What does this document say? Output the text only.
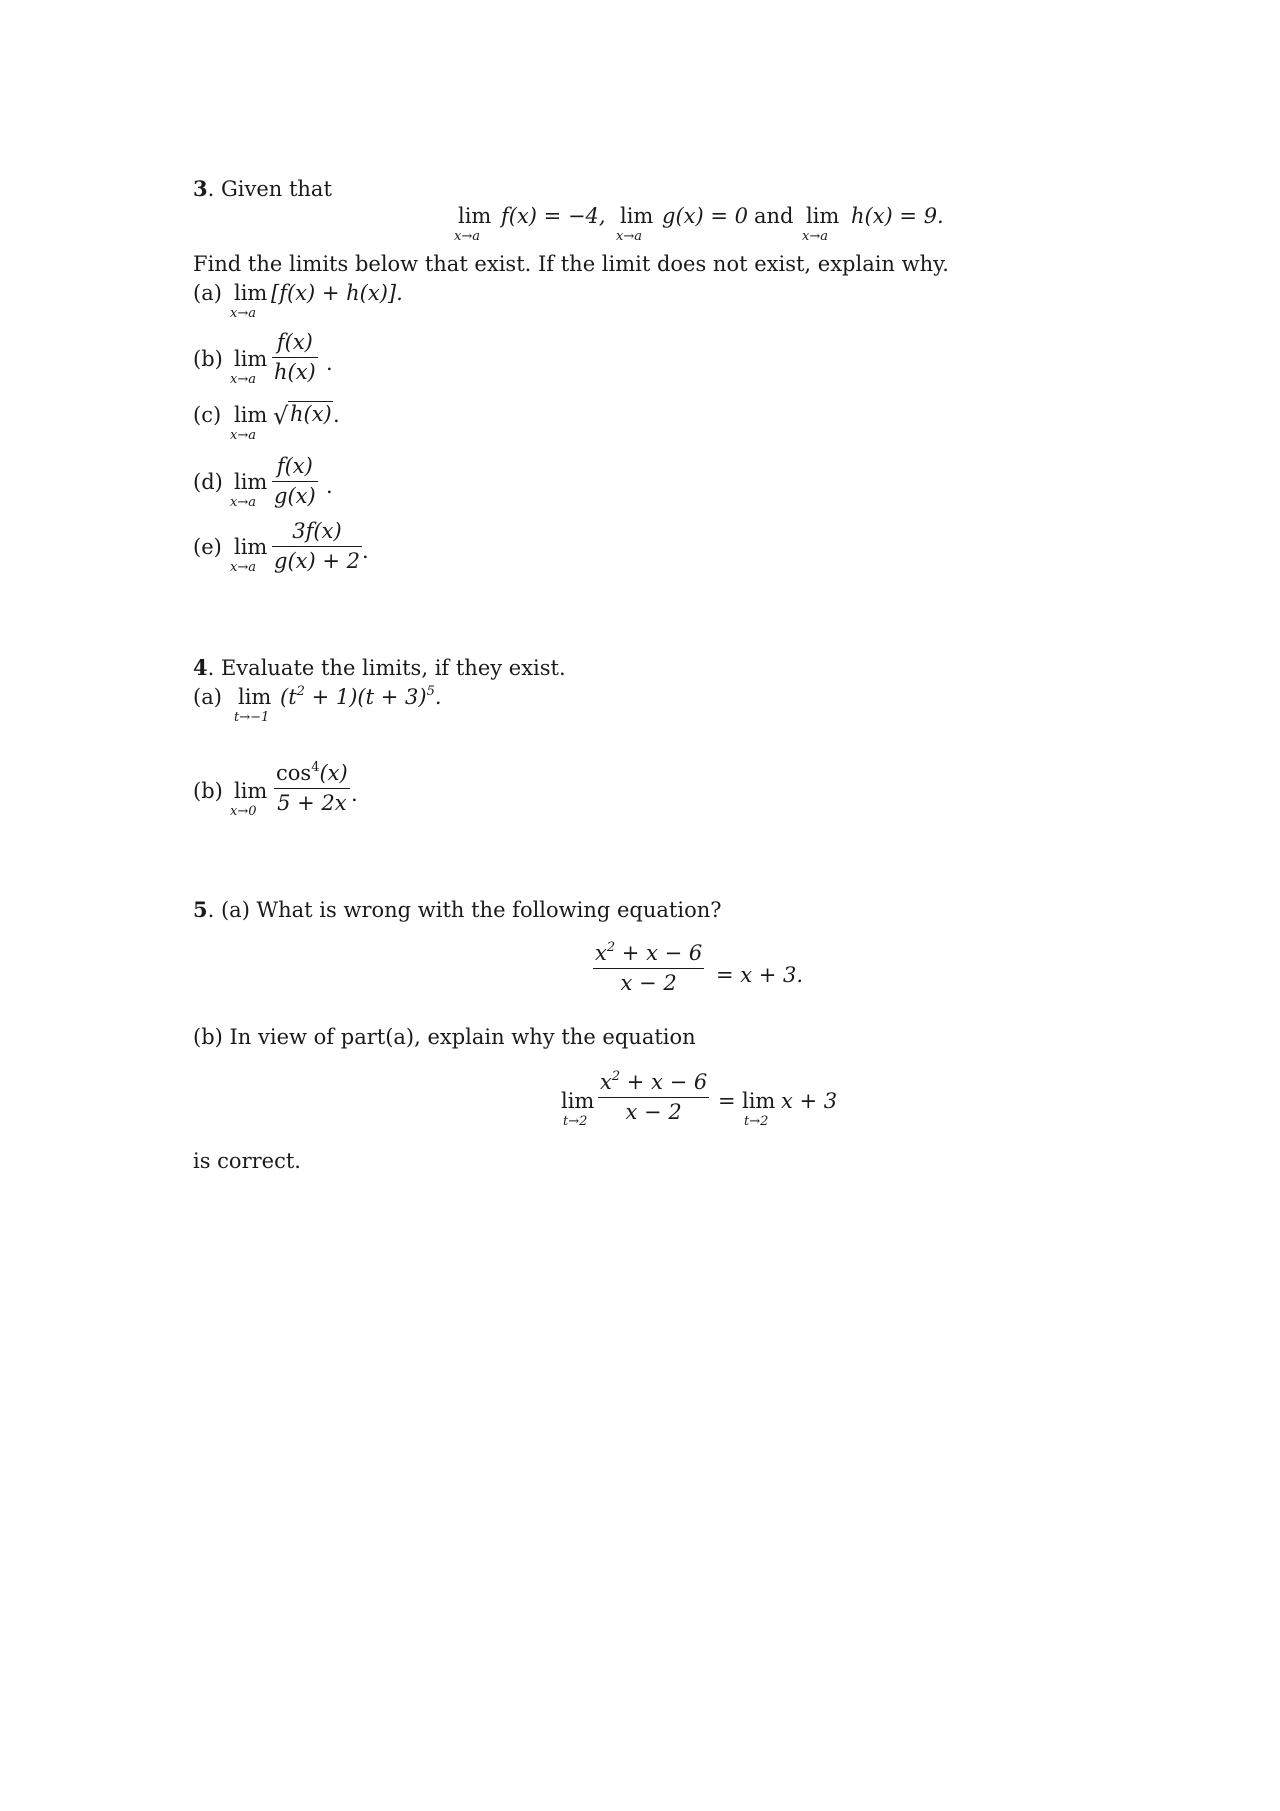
3. Given that
lim
x→a
f(x) = −4, lim
x→a
g(x) = 0 and lim
x→a
h(x) = 9.
Find the limits below that exist. If the limit does not exist, explain why.
(a) lim
x→a
[f(x) + h(x)].
(b) lim
x→a
f(x)
h(x) .
(c) lim
x→a
√ h(x) .
(d) lim
x→a
f(x)
g(x) .
(e) lim
x→a
3f(x)
g(x) + 2 .
4. Evaluate the limits, if they exist.
(a) lim
t→−1
$(t^2 + 1)(t + 3)^5$.
(b) lim
x→0
$\cos^4(x)$
5 + 2x .
5. (a) What is wrong with the following equation?
$x^2 + x - 6$
x − 2	= x + 3.
(b) In view of part(a), explain why the equation
lim
t→2
$x^2 + x - 6$
x − 2	= lim
t→2
x + 3
is correct.
